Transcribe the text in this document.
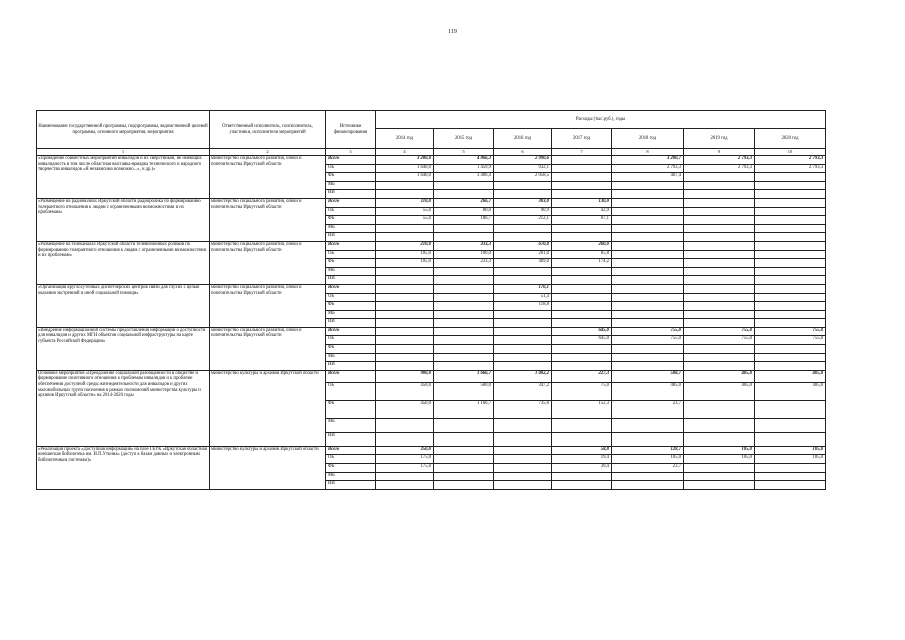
119
Наименование государственной программы, подпрограммы, ведомственной целевой программы, основного мероприятия, мероприятия	Ответственный исполнитель, соисполнитель, участники, исполнители мероприятий	Источники финансирования	Расходы (тыс.руб.), годы						
			2014 год	2015 год	2016 год	2017 год	2018 год	2019 год	2020 год
1	2	3	4	5	6	7	8	9	10
«Проведение совместных мероприятий инвалидов и их сверстников, не имеющих инвалидность в том числе областная выставка-ярмарка технического и народного творчества инвалидов «Я независимо возможно...», и др.)»	министерство социального развития, опеки и попечительства Иркутской области	Всего	3 280,0	4 866,3	2 990,6		3 200,7	2 793,3	2 793,3
		ОБ	1 640,0	1 459,9	932,1		2 793,3	2 793,3	2 793,3
		ФБ	1 640,0	3 406,4	2 058,5		407,4		
		МБ							
		ИИ							
«Размещение на радиоволнах Иркутской области радиоролика по формированию толерантного отношения к людям с ограниченными возможностями и их проблемам»	министерство социального развития, опеки и попечительства Иркутской области	Всего	110,0	266,7	303,0	130,0			
		ОБ	55,0	80,0	90,9	42,9			
		ФБ	55,0	186,7	212,1	87,1			
		МБ							
		ИИ							
«Размещение на телеканалах Иркутской области телевизионных роликов по формированию толерантного отношения к людям с ограниченными возможностями и их проблемам»	министерство социального развития, опеки и попечительства Иркутской области	Всего	210,0	333,3	670,0	260,0			
		ОБ	105,0	100,0	201,0	85,8			
		ФБ	105,0	233,3	469,0	174,2			
		МБ							
		ИИ							
«Организация круглосуточных диспетчерских центров связи для глухих с целью оказания экстренной и иной социальной помощи»	министерство социального развития, опеки и попечительства Иркутской области	Всего			170,1				
		ОБ			51,3				
		ФБ			118,8				
		МБ							
		ИИ							
«Внедрение информационной системы предоставления информации о доступности для инвалидов и других МГН объектов социальной инфраструктуры на карте субъекта Российской Федерации»	министерство социального развития, опеки и попечительства Иркутской области	Всего				645,0	755,0	755,0	755,0
		ОБ				645,0	755,0	755,0	755,0
		ФБ							
		МБ							
		ИИ							
Основное мероприятие «Преодоление социальной разобщенности в обществе и формирование позитивного отношения к проблемам инвалидов и к проблеме обеспечения доступной среды жизнедеятельности для инвалидов и других маломобильных групп населения в рамках полномочий министерства культуры и архивов Иркутской области» на 2014-2020 годы	министерство культуры и архивов Иркутской области	Всего	900,0	1 666,7	1 082,2	227,3	508,7	405,0	405,0
		ОБ	450,0	500,0	347,2	75,0	485,0	405,0	405,0
		ФБ	450,0	1 166,7	735,0	152,3	23,7		
		МБ							
		ИИ							
«Реализация проекта «Доступная информация» на базе ГБУК «Иркутская областная юношеская библиотека им. И.П.Уткина» (доступ к базам данных и электронным библиотечным системам)»	министерство культуры и архивов Иркутской области	Всего	350,0			58,8	128,7	105,0	105,0
		ОБ	175,0			19,4	105,0	105,0	105,0
		ФБ	175,0			39,4	23,7		
		МБ							
		ИИ							
